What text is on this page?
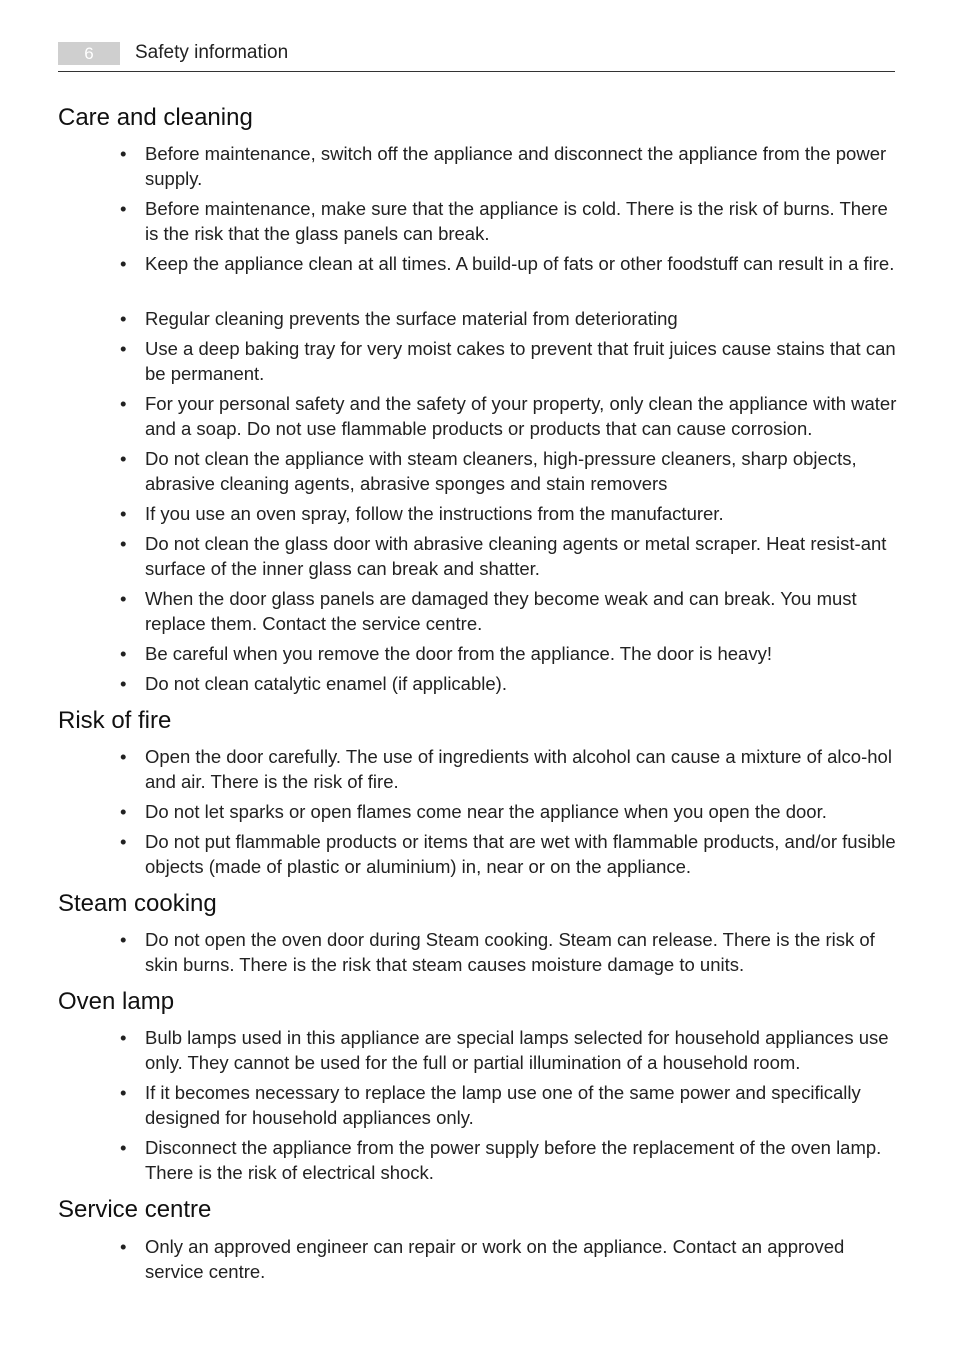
6	Safety information
Care and cleaning
•	Before maintenance, switch off the appliance and disconnect the appliance from the power supply.
•	Before maintenance, make sure that the appliance is cold. There is the risk of burns. There is the risk that the glass panels can break.
•	Keep the appliance clean at all times. A build-up of fats or other foodstuff can result in a fire.
•	Regular cleaning prevents the surface material from deteriorating
•	Use a deep baking tray for very moist cakes to prevent that fruit juices cause stains that can be permanent.
•	For your personal safety and the safety of your property, only clean the appliance with water and a soap. Do not use flammable products or products that can cause corrosion.
•	Do not clean the appliance with steam cleaners, high-pressure cleaners, sharp objects, abrasive cleaning agents, abrasive sponges and stain removers
•	If you use an oven spray, follow the instructions from the manufacturer.
•	Do not clean the glass door with abrasive cleaning agents or metal scraper. Heat resist-ant surface of the inner glass can break and shatter.
•	When the door glass panels are damaged they become weak and can break. You must replace them. Contact the service centre.
•	Be careful when you remove the door from the appliance. The door is heavy!
•	Do not clean catalytic enamel (if applicable).
Risk of fire
•	Open the door carefully. The use of ingredients with alcohol can cause a mixture of alco-hol and air. There is the risk of fire.
•	Do not let sparks or open flames come near the appliance when you open the door.
•	Do not put flammable products or items that are wet with flammable products, and/or fusible objects (made of plastic or aluminium) in, near or on the appliance.
Steam cooking
•	Do not open the oven door during Steam cooking. Steam can release. There is the risk of skin burns. There is the risk that steam causes moisture damage to units.
Oven lamp
•	Bulb lamps used in this appliance are special lamps selected for household appliances use only. They cannot be used for the full or partial illumination of a household room.
•	If it becomes necessary to replace the lamp use one of the same power and specifically designed for household appliances only.
•	Disconnect the appliance from the power supply before the replacement of the oven lamp. There is the risk of electrical shock.
Service centre
•	Only an approved engineer can repair or work on the appliance. Contact an approved service centre.
